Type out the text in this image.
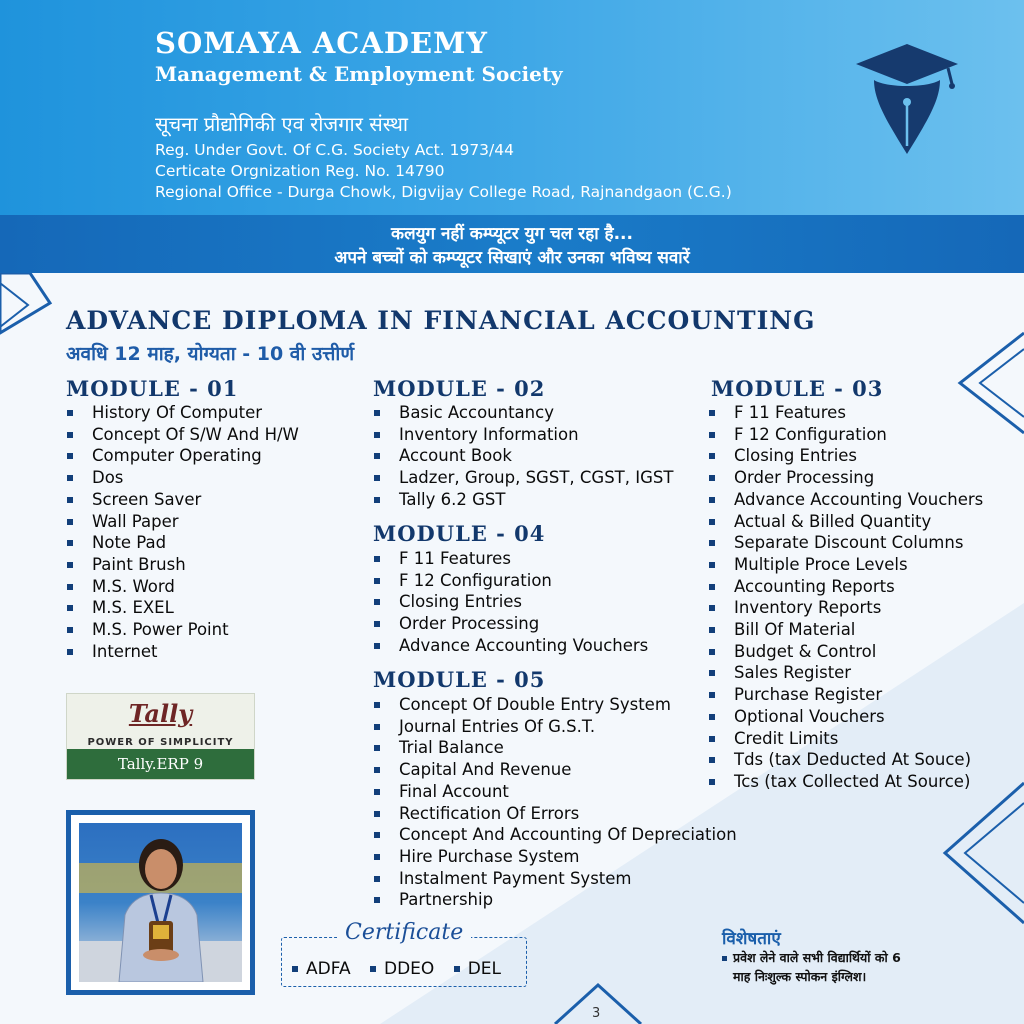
SOMAYA ACADEMY
Management & Employment Society
सूचना प्रौद्योगिकी एव रोजगार संस्था
Reg. Under Govt. Of C.G. Society Act. 1973/44
Certicate Orgnization Reg. No. 14790
Regional Office - Durga Chowk, Digvijay College Road, Rajnandgaon (C.G.)
कलयुग नहीं कम्प्यूटर युग चल रहा है...
अपने बच्चों को कम्प्यूटर सिखाएं और उनका भविष्य सवारें
ADVANCE DIPLOMA IN FINANCIAL ACCOUNTING
अवधि 12 माह, योग्यता - 10 वी उत्तीर्ण
MODULE - 01
History Of Computer
Concept Of S/W And H/W
Computer Operating
Dos
Screen Saver
Wall Paper
Note Pad
Paint Brush
M.S. Word
M.S. EXEL
M.S. Power Point
Internet
MODULE - 02
Basic Accountancy
Inventory Information
Account Book
Ladzer, Group, SGST, CGST, IGST
Tally 6.2 GST
MODULE - 04
F 11 Features
F 12 Configuration
Closing Entries
Order Processing
Advance Accounting Vouchers
MODULE - 05
Concept Of Double Entry System
Journal Entries Of G.S.T.
Trial Balance
Capital And Revenue
Final Account
Rectification Of Errors
Concept And Accounting Of Depreciation
Hire Purchase System
Instalment Payment System
Partnership
MODULE - 03
F 11 Features
F 12 Configuration
Closing Entries
Order Processing
Advance Accounting Vouchers
Actual & Billed Quantity
Separate Discount Columns
Multiple Proce Levels
Accounting Reports
Inventory Reports
Bill Of Material
Budget & Control
Sales Register
Purchase Register
Optional Vouchers
Credit Limits
Tds (tax Deducted At Souce)
Tcs (tax Collected At Source)
Tally
POWER OF SIMPLICITY
Tally.ERP 9
Certificate
ADFA DDEO DEL
विशेषताएं
प्रवेश लेने वाले सभी विद्यार्थियों को 6
माह निःशुल्क स्पोकन इंग्लिश।
3
